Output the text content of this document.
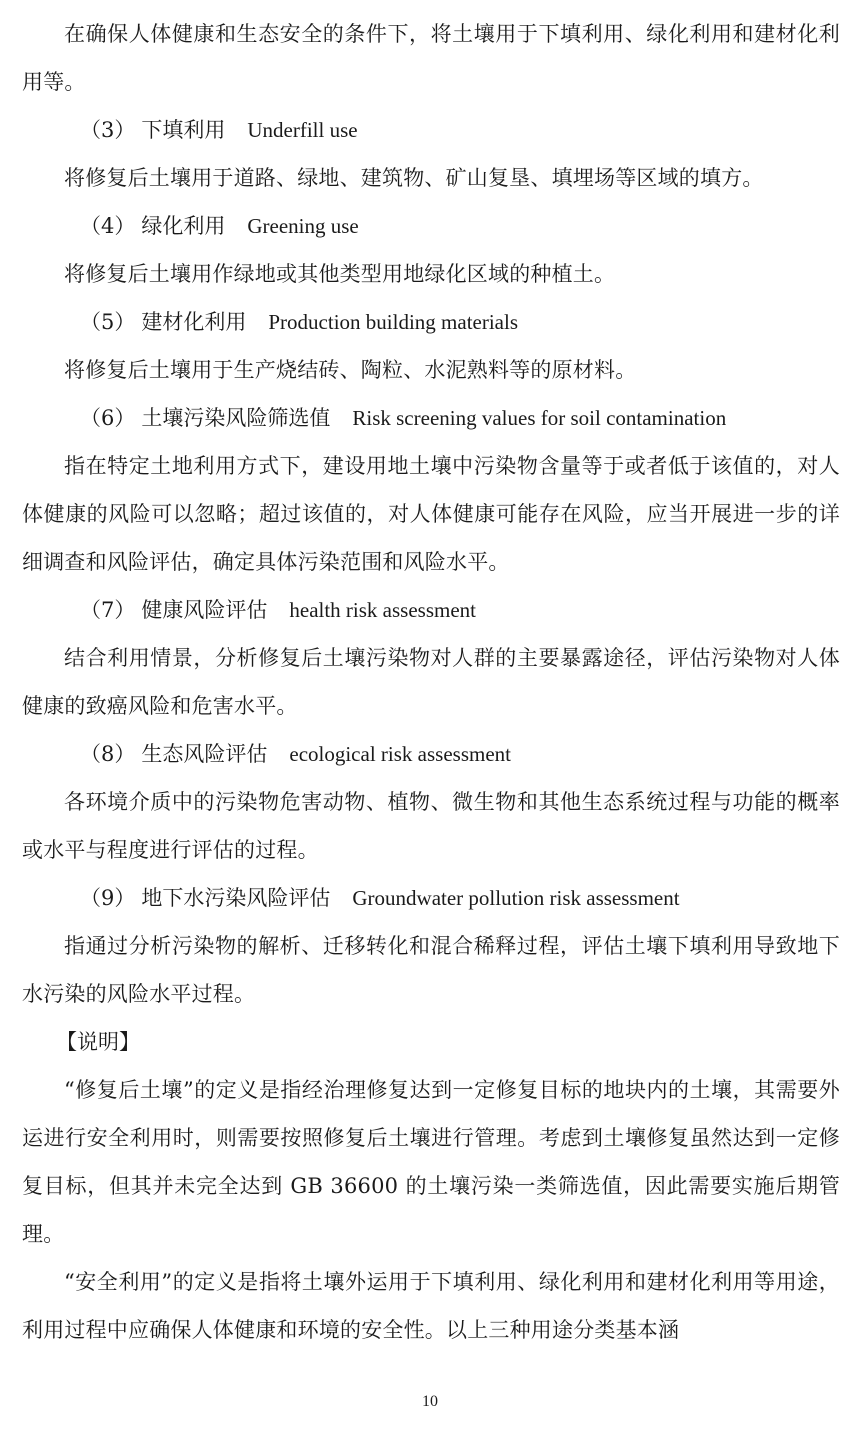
在确保人体健康和生态安全的条件下，将土壤用于下填利用、绿化利用和建材化利用等。

（3） 下填利用 Underfill use

将修复后土壤用于道路、绿地、建筑物、矿山复垦、填埋场等区域的填方。

（4） 绿化利用 Greening use

将修复后土壤用作绿地或其他类型用地绿化区域的种植土。

（5） 建材化利用 Production building materials

将修复后土壤用于生产烧结砖、陶粒、水泥熟料等的原材料。

（6） 土壤污染风险筛选值 Risk screening values for soil contamination

指在特定土地利用方式下，建设用地土壤中污染物含量等于或者低于该值的，对人体健康的风险可以忽略；超过该值的，对人体健康可能存在风险，应当开展进一步的详细调查和风险评估，确定具体污染范围和风险水平。

（7） 健康风险评估 health risk assessment

结合利用情景，分析修复后土壤污染物对人群的主要暴露途径，评估污染物对人体健康的致癌风险和危害水平。

（8） 生态风险评估 ecological risk assessment

各环境介质中的污染物危害动物、植物、微生物和其他生态系统过程与功能的概率或水平与程度进行评估的过程。

（9） 地下水污染风险评估 Groundwater pollution risk assessment

指通过分析污染物的解析、迁移转化和混合稀释过程，评估土壤下填利用导致地下水污染的风险水平过程。

【说明】

“修复后土壤”的定义是指经治理修复达到一定修复目标的地块内的土壤，其需要外运进行安全利用时，则需要按照修复后土壤进行管理。考虑到土壤修复虽然达到一定修复目标，但其并未完全达到 GB 36600 的土壤污染一类筛选值，因此需要实施后期管理。

“安全利用”的定义是指将土壤外运用于下填利用、绿化利用和建材化利用等用途，利用过程中应确保人体健康和环境的安全性。以上三种用途分类基本涵

10
